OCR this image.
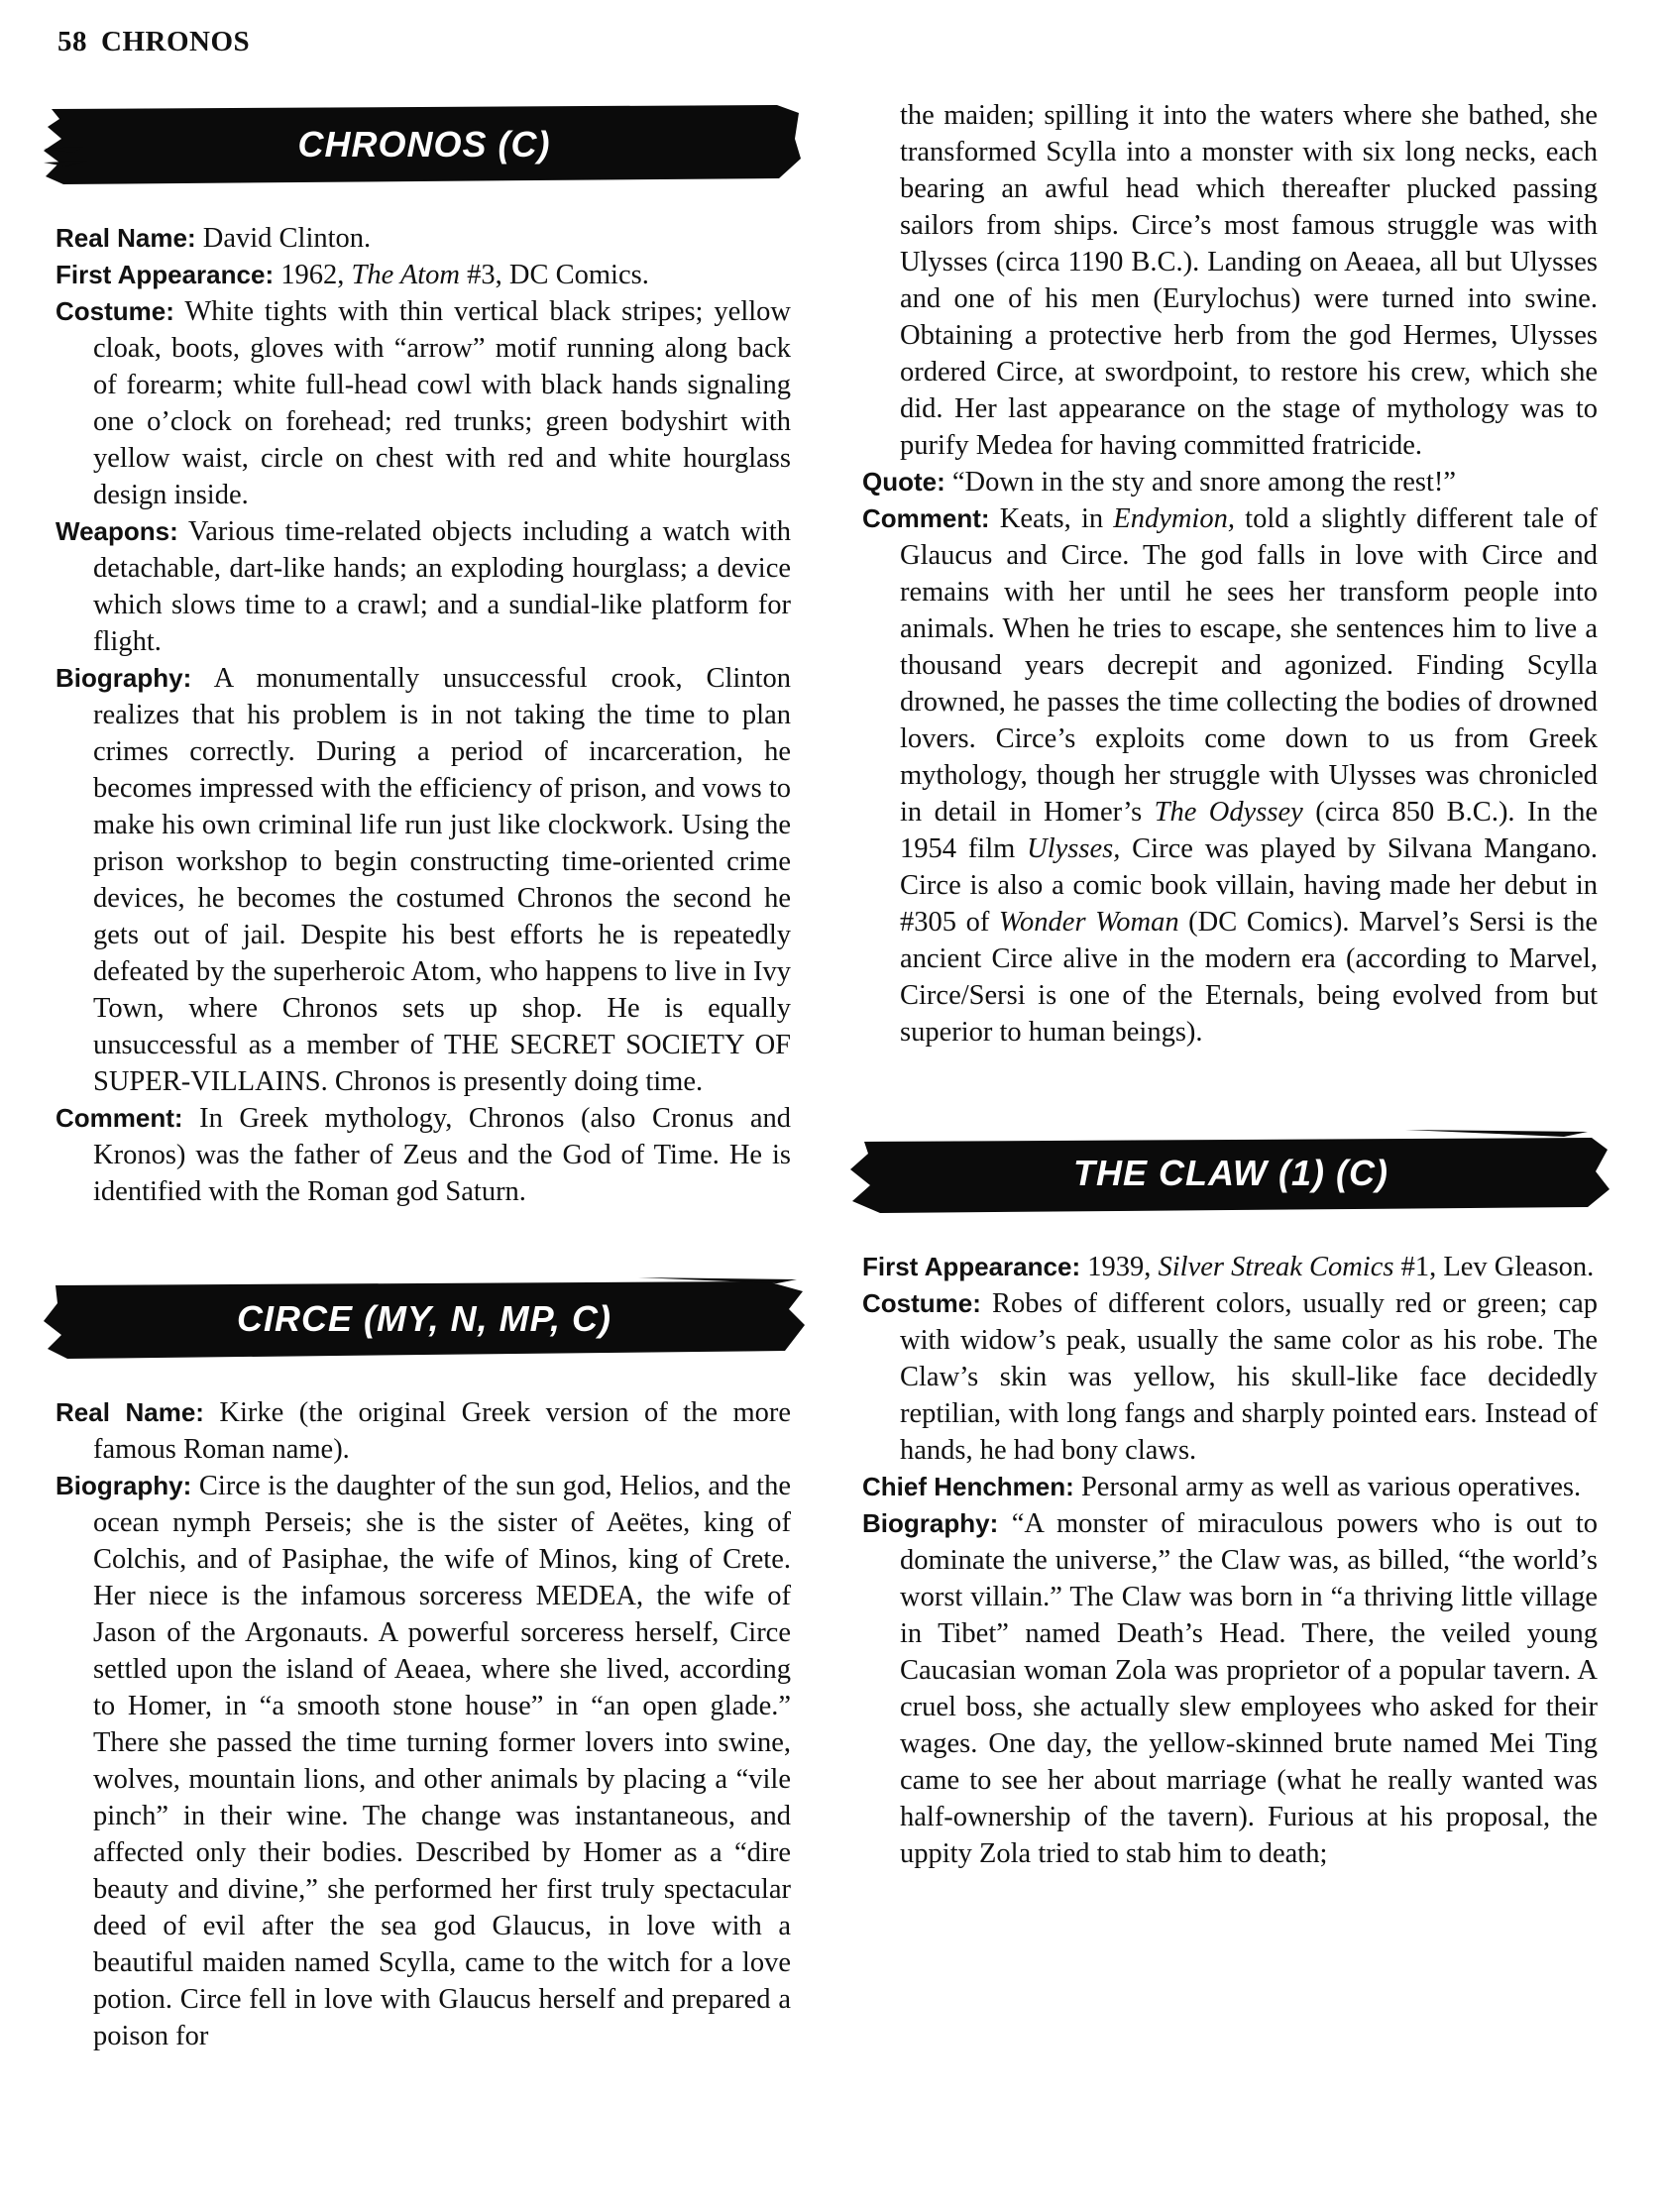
58 CHRONOS
CHRONOS (C)

Real Name: David Clinton.

First Appearance: 1962, The Atom #3, DC Comics.

Costume: White tights with thin vertical black stripes; yellow cloak, boots, gloves with “arrow” motif running along back of forearm; white full-head cowl with black hands signaling one o’clock on forehead; red trunks; green bodyshirt with yellow waist, circle on chest with red and white hourglass design inside.

Weapons: Various time-related objects including a watch with detachable, dart-like hands; an exploding hourglass; a device which slows time to a crawl; and a sundial-like platform for flight.

Biography: A monumentally unsuccessful crook, Clinton realizes that his problem is in not taking the time to plan crimes correctly. During a period of incarceration, he becomes impressed with the efficiency of prison, and vows to make his own criminal life run just like clockwork. Using the prison workshop to begin constructing time-oriented crime devices, he becomes the costumed Chronos the second he gets out of jail. Despite his best efforts he is repeatedly defeated by the superheroic Atom, who happens to live in Ivy Town, where Chronos sets up shop. He is equally unsuccessful as a member of THE SECRET SOCIETY OF SUPER-VILLAINS. Chronos is presently doing time.

Comment: In Greek mythology, Chronos (also Cronus and Kronos) was the father of Zeus and the God of Time. He is identified with the Roman god Saturn.

CIRCE (MY, N, MP, C)

Real Name: Kirke (the original Greek version of the more famous Roman name).

Biography: Circe is the daughter of the sun god, Helios, and the ocean nymph Perseis; she is the sister of Aeëtes, king of Colchis, and of Pasiphae, the wife of Minos, king of Crete. Her niece is the infamous sorceress MEDEA, the wife of Jason of the Argonauts. A powerful sorceress herself, Circe settled upon the island of Aeaea, where she lived, according to Homer, in “a smooth stone house” in “an open glade.” There she passed the time turning former lovers into swine, wolves, mountain lions, and other animals by placing a “vile pinch” in their wine. The change was instantaneous, and affected only their bodies. Described by Homer as a “dire beauty and divine,” she performed her first truly spectacular deed of evil after the sea god Glaucus, in love with a beautiful maiden named Scylla, came to the witch for a love potion. Circe fell in love with Glaucus herself and prepared a poison for

the maiden; spilling it into the waters where she bathed, she transformed Scylla into a monster with six long necks, each bearing an awful head which thereafter plucked passing sailors from ships. Circe’s most famous struggle was with Ulysses (circa 1190 B.C.). Landing on Aeaea, all but Ulysses and one of his men (Eurylochus) were turned into swine. Obtaining a protective herb from the god Hermes, Ulysses ordered Circe, at swordpoint, to restore his crew, which she did. Her last appearance on the stage of mythology was to purify Medea for having committed fratricide.

Quote: “Down in the sty and snore among the rest!”

Comment: Keats, in Endymion, told a slightly different tale of Glaucus and Circe. The god falls in love with Circe and remains with her until he sees her transform people into animals. When he tries to escape, she sentences him to live a thousand years decrepit and agonized. Finding Scylla drowned, he passes the time collecting the bodies of drowned lovers. Circe’s exploits come down to us from Greek mythology, though her struggle with Ulysses was chronicled in detail in Homer’s The Odyssey (circa 850 B.C.). In the 1954 film Ulysses, Circe was played by Silvana Mangano. Circe is also a comic book villain, having made her debut in #305 of Wonder Woman (DC Comics). Marvel’s Sersi is the ancient Circe alive in the modern era (according to Marvel, Circe/Sersi is one of the Eternals, being evolved from but superior to human beings).

THE CLAW (1) (C)

First Appearance: 1939, Silver Streak Comics #1, Lev Gleason.

Costume: Robes of different colors, usually red or green; cap with widow’s peak, usually the same color as his robe. The Claw’s skin was yellow, his skull-like face decidedly reptilian, with long fangs and sharply pointed ears. Instead of hands, he had bony claws.

Chief Henchmen: Personal army as well as various operatives.

Biography: “A monster of miraculous powers who is out to dominate the universe,” the Claw was, as billed, “the world’s worst villain.” The Claw was born in “a thriving little village in Tibet” named Death’s Head. There, the veiled young Caucasian woman Zola was proprietor of a popular tavern. A cruel boss, she actually slew employees who asked for their wages. One day, the yellow-skinned brute named Mei Ting came to see her about marriage (what he really wanted was half-ownership of the tavern). Furious at his proposal, the uppity Zola tried to stab him to death;
